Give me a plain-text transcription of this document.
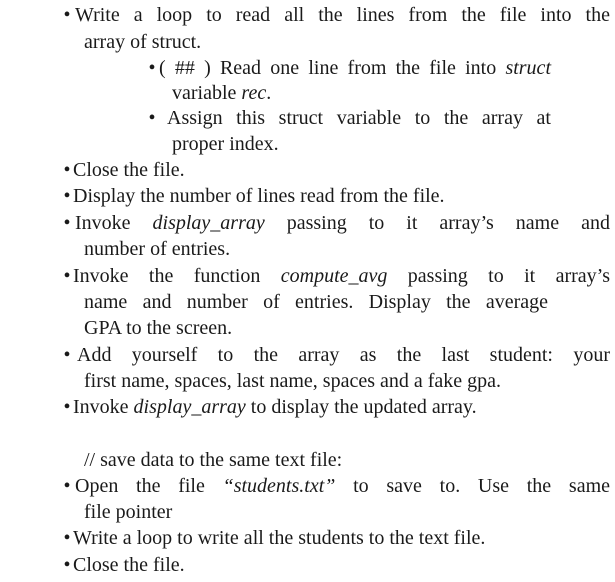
• Write a loop to read all the lines from the file into the
array of struct.
• ( ## ) Read one line from the file into struct
variable rec.
• Assign this struct variable to the array at
proper index.
• Close the file.
• Display the number of lines read from the file.
• Invoke display_array passing to it array’s name and
number of entries.
• Invoke the function compute_avg passing to it array’s
name and number of entries. Display the average
GPA to the screen.
• Add yourself to the array as the last student: your
first name, spaces, last name, spaces and a fake gpa.
• Invoke display_array to display the updated array.
// save data to the same text file:
• Open the file “students.txt” to save to. Use the same
file pointer
• Write a loop to write all the students to the text file.
• Close the file.
